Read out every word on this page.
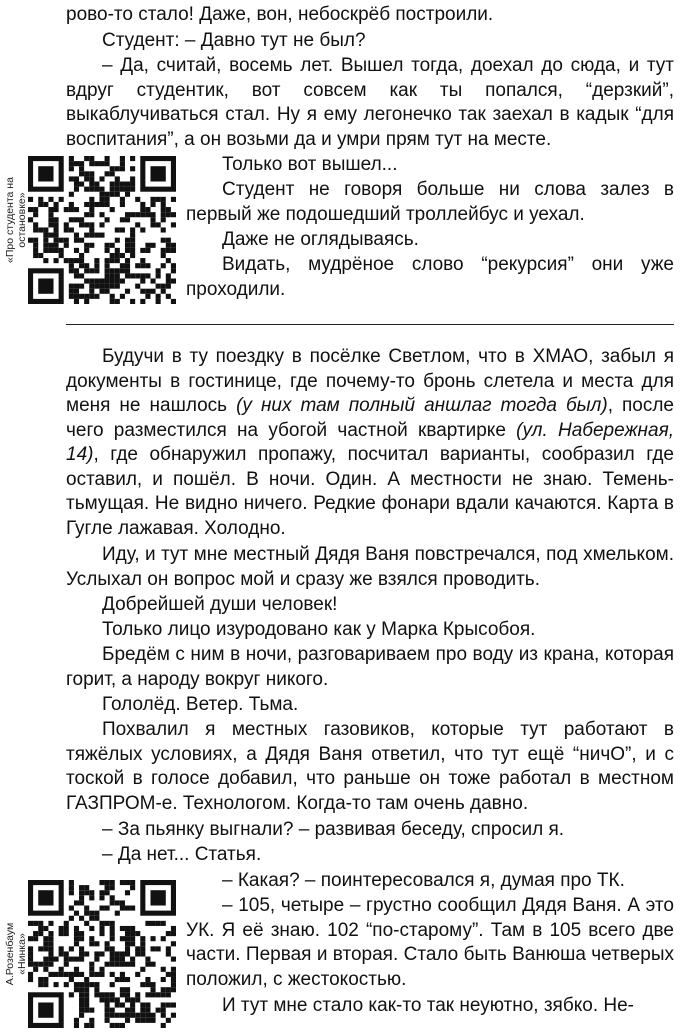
рово-то стало! Даже, вон, небоскрёб построили.

Студент: – Давно тут не был?

– Да, считай, восемь лет. Вышел тогда, доехал до сюда, и тут вдруг студентик, вот совсем как ты попался, “дерзкий”, выкаблучиваться стал. Ну я ему легонечко так заехал в кадык “для воспитания”, а он возьми да и умри прям тут на месте.

Только вот вышел...

Студент не говоря больше ни слова залез в первый же подошедший троллейбус и уехал.

Даже не оглядываясь.

Видать, мудрёное слово “рекурсия” они уже проходили.

«Про студента на остановке»

Будучи в ту поездку в посёлке Светлом, что в ХМАО, забыл я документы в гостинице, где почему-то бронь слетела и места для меня не нашлось (у них там полный аншлаг тогда был), после чего разместился на убогой частной квартирке (ул. Набережная, 14), где обнаружил пропажу, посчитал варианты, сообразил где оставил, и пошёл. В ночи. Один. А местности не знаю. Темень-тьмущая. Не видно ничего. Редкие фонари вдали качаются. Карта в Гугле лажавая. Холодно.

Иду, и тут мне местный Дядя Ваня повстречался, под хмельком. Услыхал он вопрос мой и сразу же взялся проводить.

Добрейшей души человек!

Только лицо изуродовано как у Марка Крысобоя.

Бредём с ним в ночи, разговариваем про воду из крана, которая горит, а народу вокруг никого.

Гололёд. Ветер. Тьма.

Похвалил я местных газовиков, которые тут работают в тяжёлых условиях, а Дядя Ваня ответил, что тут ещё “ничО”, и с тоской в голосе добавил, что раньше он тоже работал в местном ГАЗПРОМ-е. Технологом. Когда-то там очень давно.

– За пьянку выгнали? – развивая беседу, спросил я.

– Да нет... Статья.

– Какая? – поинтересовался я, думая про ТК.

– 105, четыре – грустно сообщил Дядя Ваня. А это УК. Я её знаю. 102 “по-старому”. Там в 105 всего две части. Первая и вторая. Стало быть Ванюша четверых положил, с жестокостью.

И тут мне стало как-то так неуютно, зябко. Не-

А.Розенбаум «Нинка»
